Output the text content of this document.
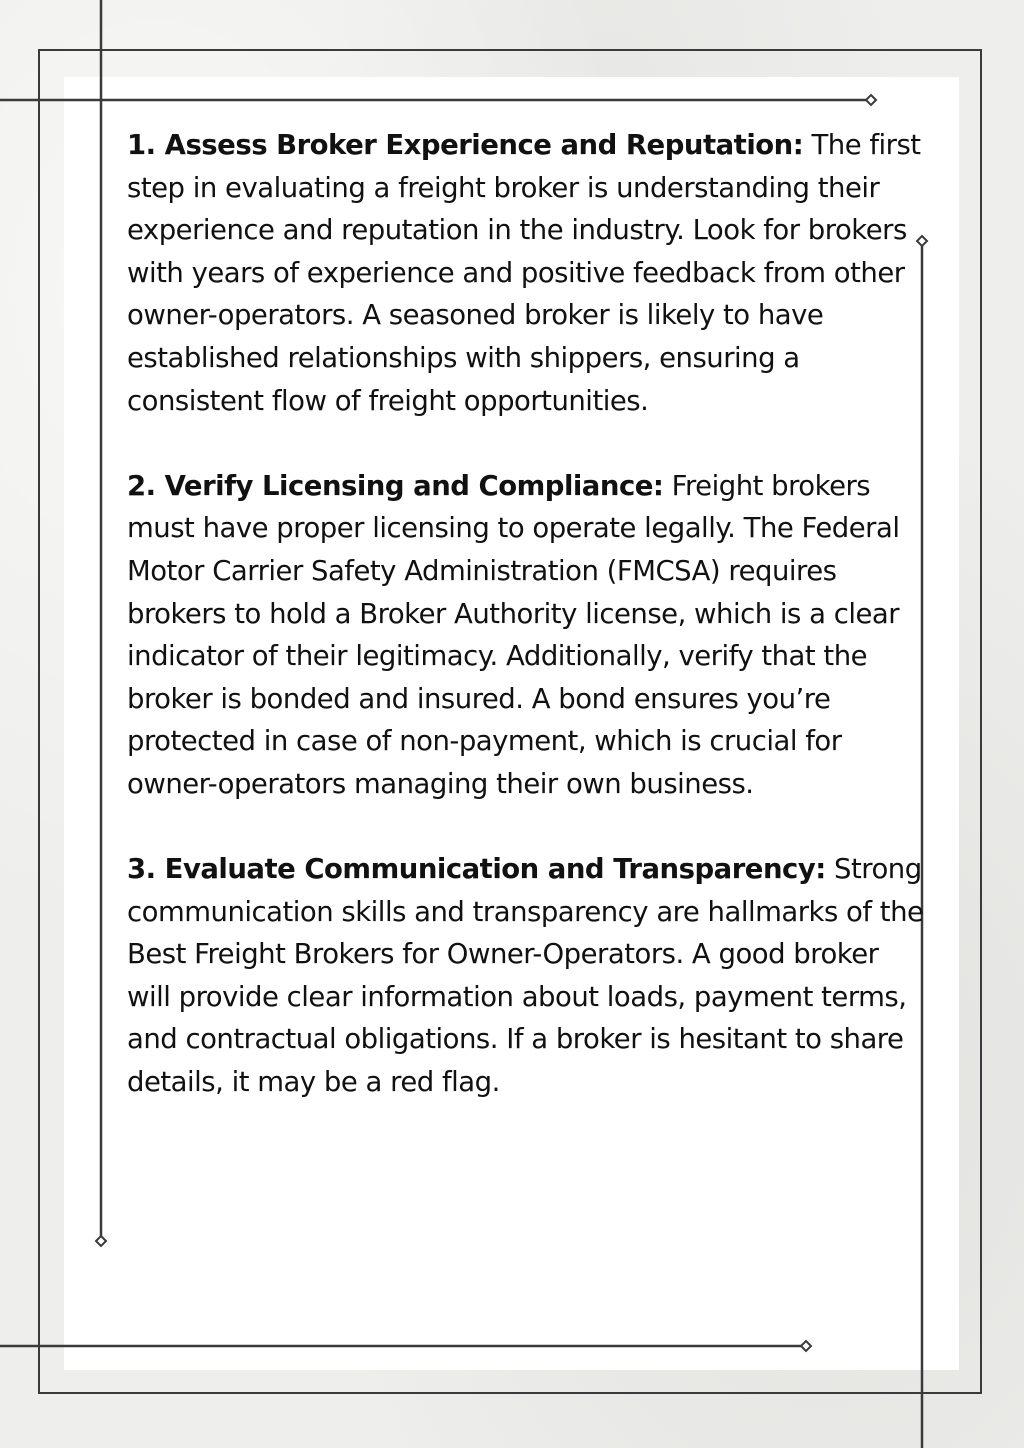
1. Assess Broker Experience and Reputation: The first step in evaluating a freight broker is understanding their experience and reputation in the industry. Look for brokers with years of experience and positive feedback from other owner-operators. A seasoned broker is likely to have established relationships with shippers, ensuring a consistent flow of freight opportunities.

2. Verify Licensing and Compliance: Freight brokers must have proper licensing to operate legally. The Federal Motor Carrier Safety Administration (FMCSA) requires brokers to hold a Broker Authority license, which is a clear indicator of their legitimacy. Additionally, verify that the broker is bonded and insured. A bond ensures you’re protected in case of non-payment, which is crucial for owner-operators managing their own business.

3. Evaluate Communication and Transparency: Strong communication skills and transparency are hallmarks of the Best Freight Brokers for Owner-Operators. A good broker will provide clear information about loads, payment terms, and contractual obligations. If a broker is hesitant to share details, it may be a red flag.
